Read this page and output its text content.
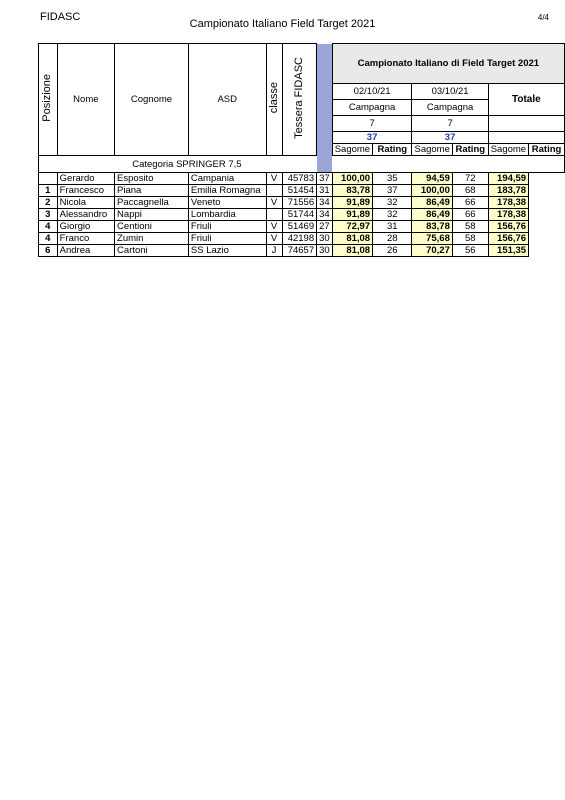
FIDASC
Campionato Italiano Field Target 2021
4/4
Posizione	Nome	Cognome	ASD	classe	Tessera FIDASC		Campionato Italiano di Field Target 2021					
							02/10/21		03/10/21		Totale	
							Campagna		Campagna			
							7		7			
							37		37			
							Sagome	Rating	Sagome	Rating	Sagome	Rating
	Categoria SPRINGER 7,5											
	Gerardo	Esposito	Campania	V	45783	37	100,00	35	94,59	72	194,59	
1	Francesco	Piana	Emilia Romagna		51454	31	83,78	37	100,00	68	183,78	
2	Nicola	Paccagnella	Veneto	V	71556	34	91,89	32	86,49	66	178,38	
3	Alessandro	Nappi	Lombardia		51744	34	91,89	32	86,49	66	178,38	
4	Giorgio	Centioni	Friuli	V	51469	27	72,97	31	83,78	58	156,76	
4	Franco	Zumin	Friuli	V	42198	30	81,08	28	75,68	58	156,76	
6	Andrea	Cartoni	SS Lazio	J	74657	30	81,08	26	70,27	56	151,35	
